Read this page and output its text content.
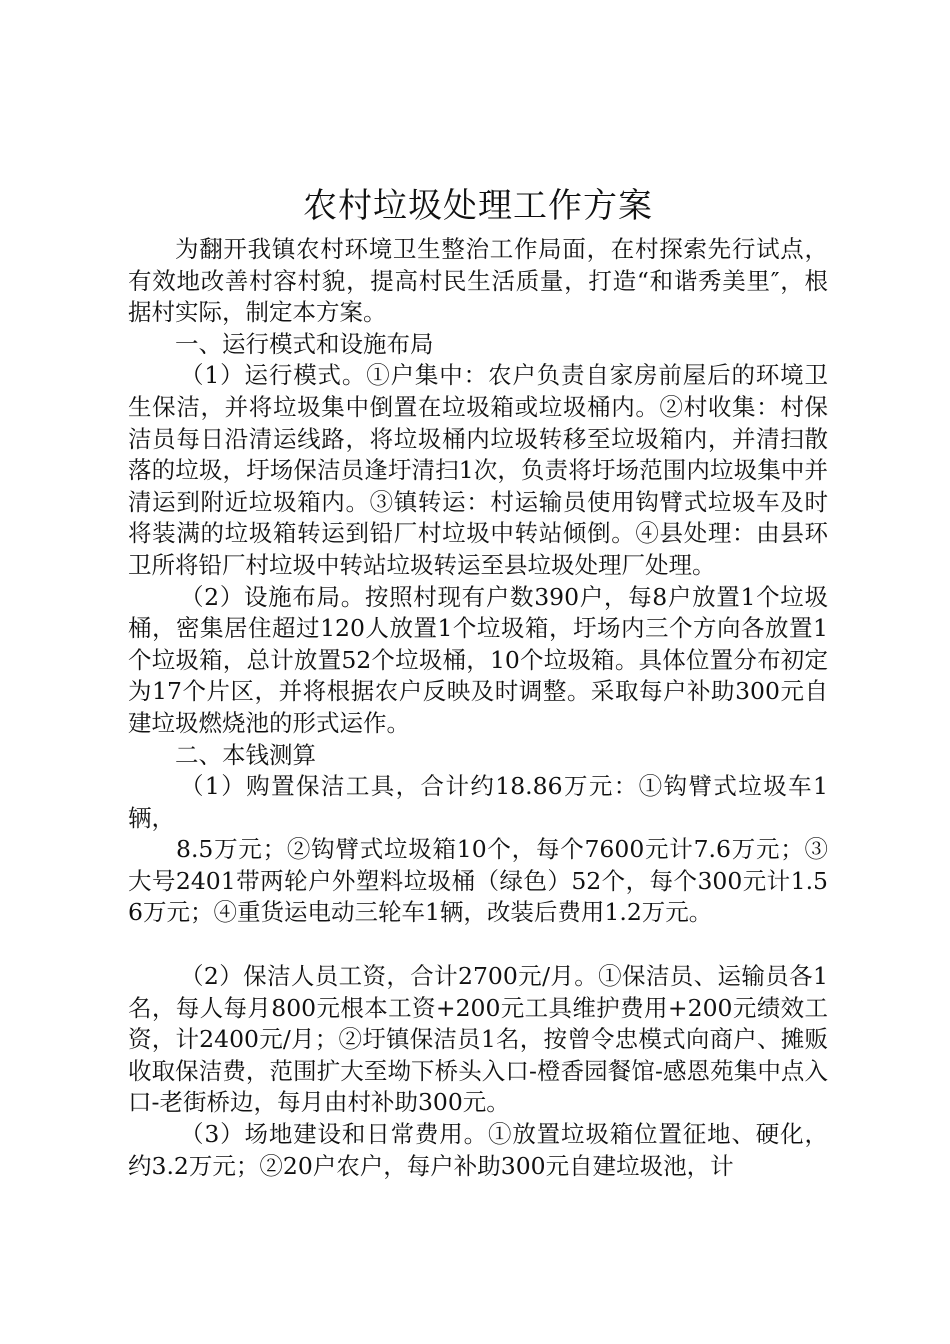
农村垃圾处理工作方案

为翻开我镇农村环境卫生整治工作局面，在村探索先行试点，有效地改善村容村貌，提高村民生活质量，打造“和谐秀美里″，根据村实际，制定本方案。

一、运行模式和设施布局

（1）运行模式。①户集中：农户负责自家房前屋后的环境卫生保洁，并将垃圾集中倒置在垃圾箱或垃圾桶内。②村收集：村保洁员每日沿清运线路，将垃圾桶内垃圾转移至垃圾箱内，并清扫散落的垃圾，圩场保洁员逢圩清扫1次，负责将圩场范围内垃圾集中并清运到附近垃圾箱内。③镇转运：村运输员使用钩臂式垃圾车及时将装满的垃圾箱转运到铅厂村垃圾中转站倾倒。④县处理：由县环卫所将铅厂村垃圾中转站垃圾转运至县垃圾处理厂处理。

（2）设施布局。按照村现有户数390户，每8户放置1个垃圾桶，密集居住超过120人放置1个垃圾箱，圩场内三个方向各放置1个垃圾箱，总计放置52个垃圾桶，10个垃圾箱。具体位置分布初定为17个片区，并将根据农户反映及时调整。采取每户补助300元自建垃圾燃烧池的形式运作。

二、本钱测算

（1）购置保洁工具，合计约18.86万元：①钩臂式垃圾车1辆，

8.5万元；②钩臂式垃圾箱10个，每个7600元计7.6万元；③大号2401带两轮户外塑料垃圾桶（绿色）52个，每个300元计1.56万元；④重货运电动三轮车1辆，改装后费用1.2万元。

（2）保洁人员工资，合计2700元/月。①保洁员、运输员各1名，每人每月800元根本工资+200元工具维护费用+200元绩效工资，计2400元/月；②圩镇保洁员1名，按曾令忠模式向商户、摊贩收取保洁费，范围扩大至坳下桥头入口-橙香园餐馆-感恩苑集中点入口-老街桥边，每月由村补助300元。

（3）场地建设和日常费用。①放置垃圾箱位置征地、硬化，约3.2万元；②20户农户，每户补助300元自建垃圾池，计
